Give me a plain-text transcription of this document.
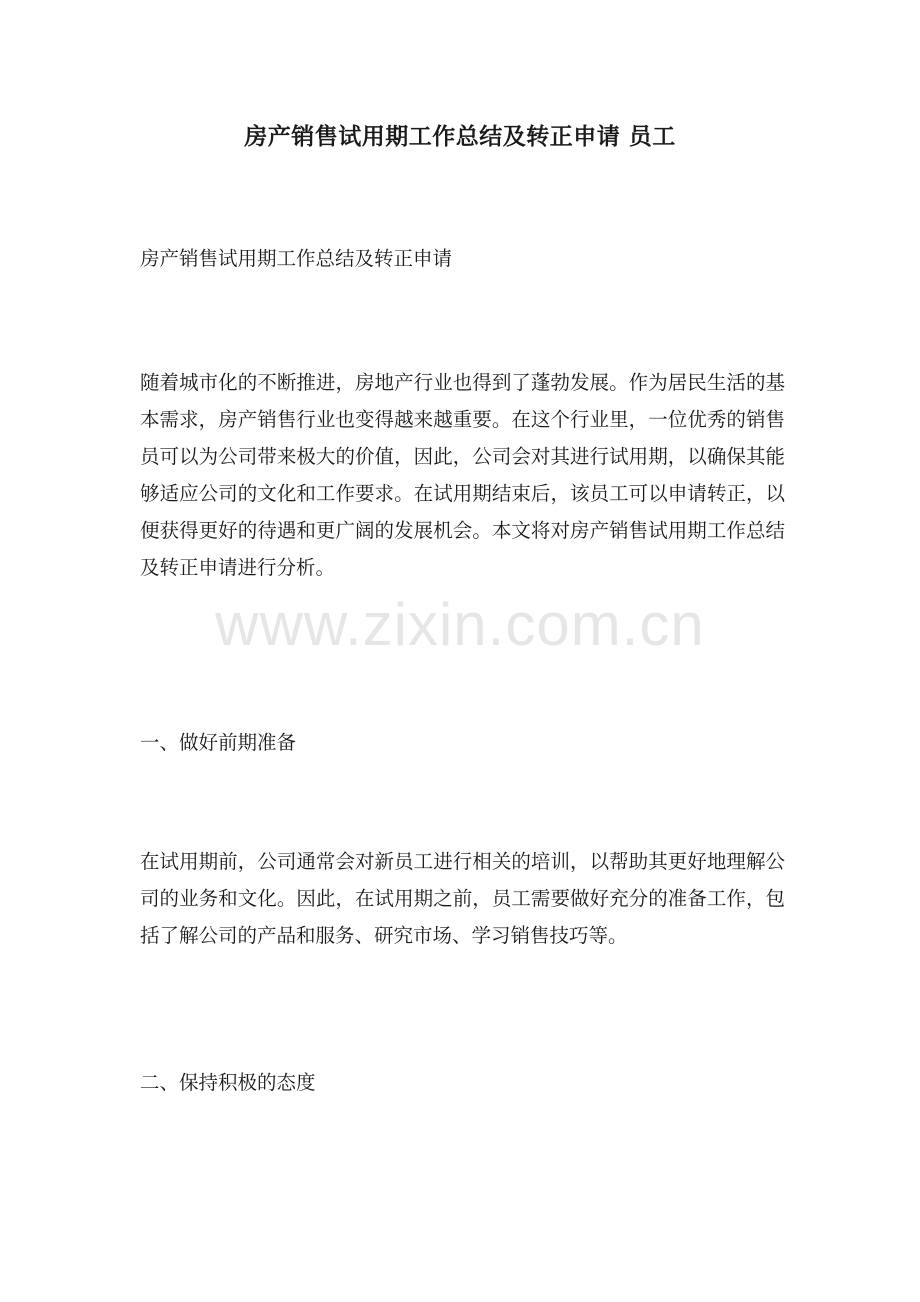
房产销售试用期工作总结及转正申请 员工

房产销售试用期工作总结及转正申请

随着城市化的不断推进，房地产行业也得到了蓬勃发展。作为居民生活的基本需求，房产销售行业也变得越来越重要。在这个行业里，一位优秀的销售员可以为公司带来极大的价值，因此，公司会对其进行试用期，以确保其能够适应公司的文化和工作要求。在试用期结束后，该员工可以申请转正，以便获得更好的待遇和更广阔的发展机会。本文将对房产销售试用期工作总结及转正申请进行分析。

一、做好前期准备

在试用期前，公司通常会对新员工进行相关的培训，以帮助其更好地理解公司的业务和文化。因此，在试用期之前，员工需要做好充分的准备工作，包括了解公司的产品和服务、研究市场、学习销售技巧等。

二、保持积极的态度

www.zixin.com.cn
